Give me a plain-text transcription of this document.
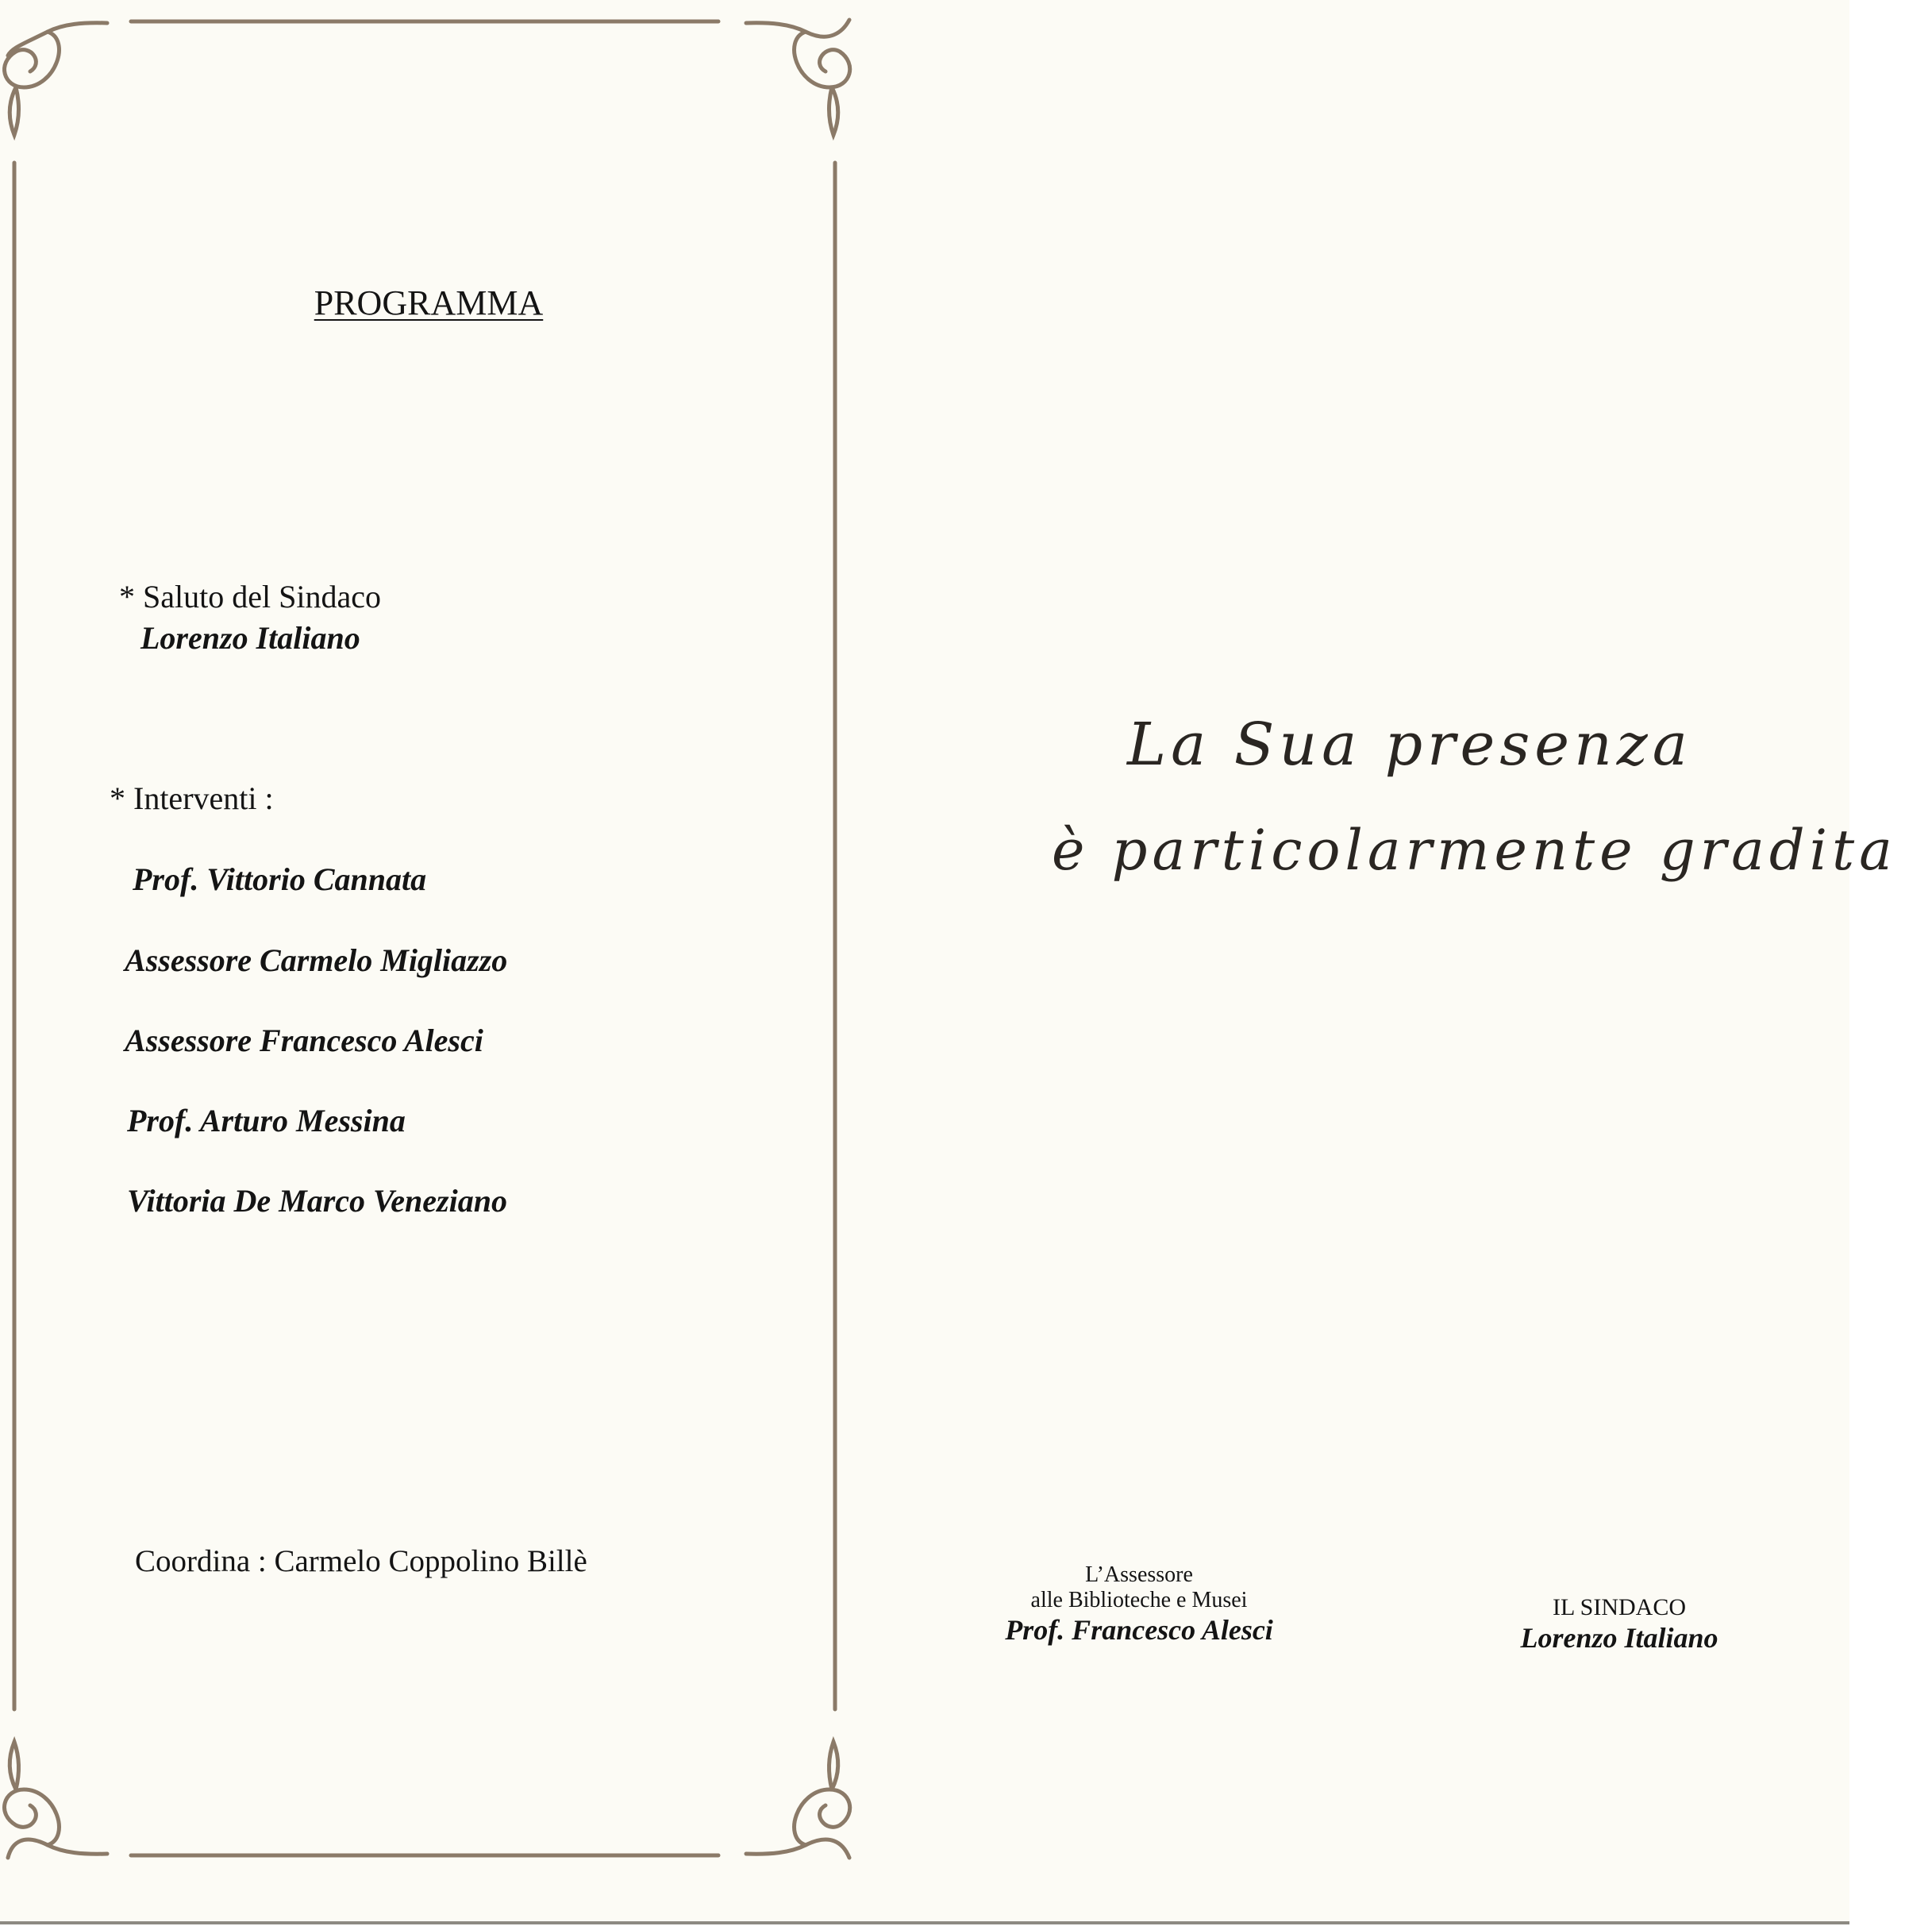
PROGRAMMA
* Saluto del Sindaco
Lorenzo Italiano
* Interventi :
Prof. Vittorio Cannata
Assessore Carmelo Migliazzo
Assessore Francesco Alesci
Prof. Arturo Messina
Vittoria De Marco Veneziano
Coordina : Carmelo Coppolino Billè
La Sua presenza
è particolarmente gradita
L’Assessore
alle Biblioteche e Musei
Prof. Francesco Alesci
IL SINDACO
Lorenzo Italiano
